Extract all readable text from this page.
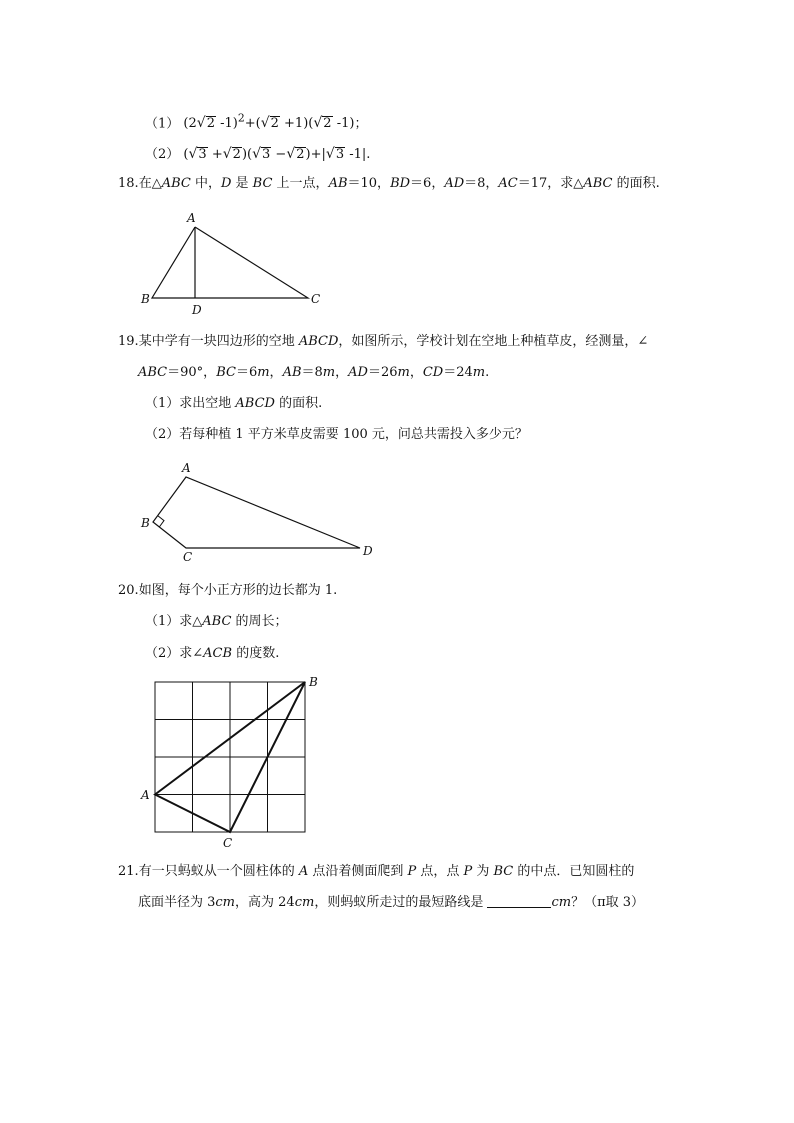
（1） (2√2 -1)$^2$+(√2 +1)(√2 -1)；
（2） (√3 +√2)(√3 −√2)+|√3 -1|.
18.在△ABC 中，D 是 BC 上一点，AB＝10，BD＝6，AD＝8，AC＝17，求△ABC 的面积.
A
B	C
D
19.某中学有一块四边形的空地 ABCD，如图所示，学校计划在空地上种植草皮，经测量，∠
ABC＝90°，BC＝6m，AB＝8m，AD＝26m，CD＝24m.
（1）求出空地 ABCD 的面积.
（2）若每种植 1 平方米草皮需要 100 元，问总共需投入多少元？
A
B
C	D
20.如图，每个小正方形的边长都为 1.
（1）求△ABC 的周长；
（2）求∠ACB 的度数.
A
B
C
21.有一只蚂蚁从一个圆柱体的 A 点沿着侧面爬到 P 点，点 P 为 BC 的中点．已知圆柱的
底面半径为 3cm，高为 24cm，则蚂蚁所走过的最短路线是	cm？（π取 3）
